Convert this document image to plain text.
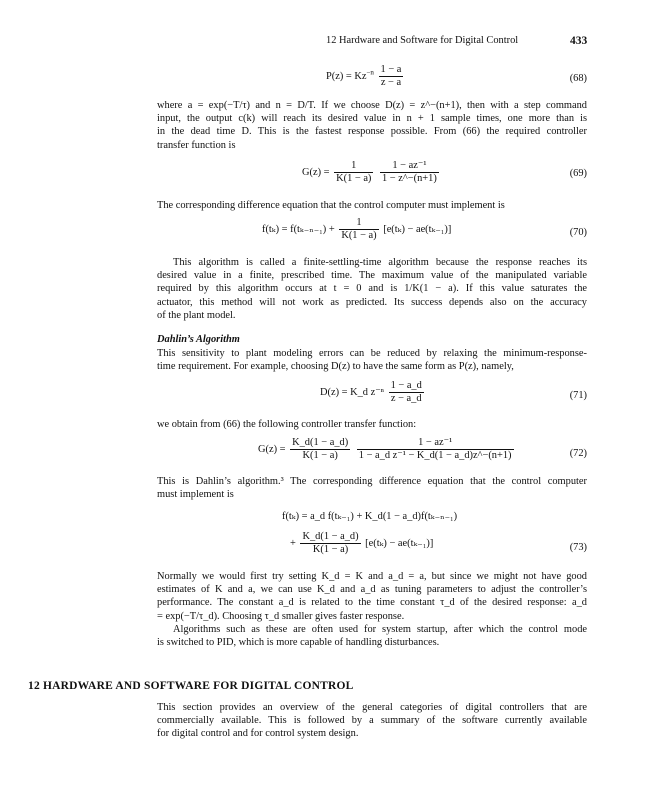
12 Hardware and Software for Digital Control	433
$P(z) = Kz^{-n} \frac{1 - a}{z - a}$	(68)
where a = exp(−T/τ) and n = D/T. If we choose D(z) = z^−(n+1), then with a step command
input, the output c(k) will reach its desired value in n + 1 sample times, one more than is
in the dead time D. This is the fastest response possible. From (66) the required controller
transfer function is
$G(z) = \frac{1}{K(1 - a)}$
$\frac{\text{1 − az⁻¹}}{1 - z\^{}-(n+1)}$	(69)
The corresponding difference equation that the control computer must implement is
$f(t_k) = f(t_{k-n-1}) + \frac{1}{K(1 - a)} [e(t_k) - ae(t_{k-1})]$	(70)
This algorithm is called a finite-settling-time algorithm because the response reaches its
desired value in a finite, prescribed time. The maximum value of the manipulated variable
required by this algorithm occurs at t = 0 and is 1/K(1 − a). If this value saturates the
actuator, this method will not work as predicted. Its success depends also on the accuracy
of the plant model.
Dahlin’s Algorithm
This sensitivity to plant modeling errors can be reduced by relaxing the minimum-response-
time requirement. For example, choosing D(z) to have the same form as P(z), namely,
D(z) = K_d $z^{-n} \frac{1 - a\_d}{z - a\_d}$	(71)
we obtain from (66) the following controller transfer function:
$G(z) = \frac{K\_d(1 - a\_d)}{K(1 - a)}$
$\frac{\text{1 − az⁻¹}}{\text{1 − a\_d z⁻¹ − K\_d(1 − a\_d)z\textasciicircum{}−(n+1)}}$	(72)
This is Dahlin’s algorithm.³ The corresponding difference equation that the control computer
must implement is
f(tₖ) = a_d f(tₖ₋₁) + K_d(1 − a_d)f(tₖ₋ₙ₋₁)
+ $\frac{K\_d(1 - a\_d)}{K(1 - a)} [e(t_k) - ae(t_{k-1})]$	(73)
Normally we would first try setting K_d = K and a_d = a, but since we might not have good
estimates of K and a, we can use K_d and a_d as tuning parameters to adjust the controller’s
performance. The constant a_d is related to the time constant τ_d of the desired response: a_d
= exp(−T/τ_d). Choosing τ_d smaller gives faster response.
Algorithms such as these are often used for system startup, after which the control mode
is switched to PID, which is more capable of handling disturbances.
12 HARDWARE AND SOFTWARE FOR DIGITAL CONTROL
This section provides an overview of the general categories of digital controllers that are
commercially available. This is followed by a summary of the software currently available
for digital control and for control system design.
